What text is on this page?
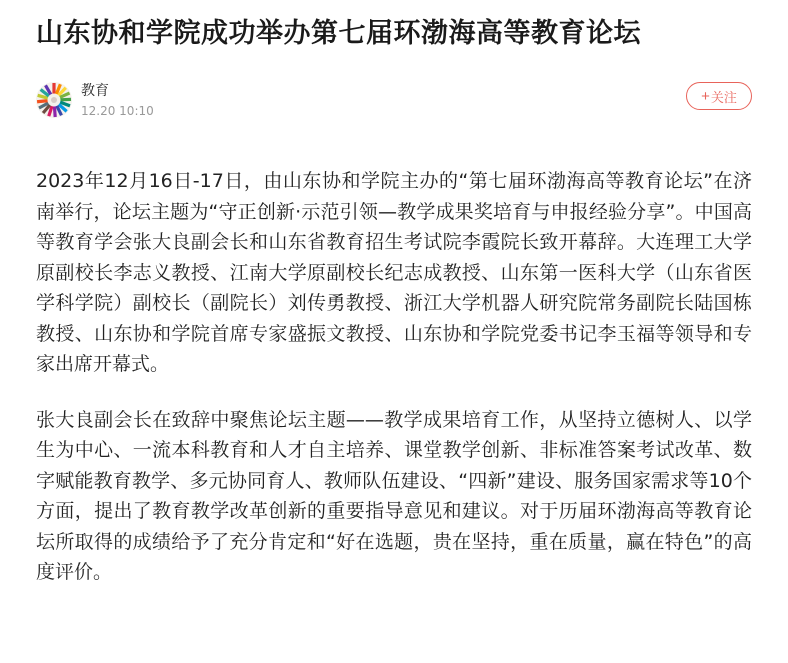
山东协和学院成功举办第七届环渤海高等教育论坛
教育
12.20 10:10
+ 关注

2023年12月16日-17日，由山东协和学院主办的“第七届环渤海高等教育论坛”在济南举行，论坛主题为“守正创新·示范引领—教学成果奖培育与申报经验分享”。中国高等教育学会张大良副会长和山东省教育招生考试院李霞院长致开幕辞。大连理工大学原副校长李志义教授、江南大学原副校长纪志成教授、山东第一医科大学（山东省医学科学院）副校长（副院长）刘传勇教授、浙江大学机器人研究院常务副院长陆国栋教授、山东协和学院首席专家盛振文教授、山东协和学院党委书记李玉福等领导和专家出席开幕式。

张大良副会长在致辞中聚焦论坛主题——教学成果培育工作，从坚持立德树人、以学生为中心、一流本科教育和人才自主培养、课堂教学创新、非标准答案考试改革、数字赋能教育教学、多元协同育人、教师队伍建设、“四新”建设、服务国家需求等10个方面，提出了教育教学改革创新的重要指导意见和建议。对于历届环渤海高等教育论坛所取得的成绩给予了充分肯定和“好在选题，贵在坚持，重在质量，赢在特色”的高度评价。
